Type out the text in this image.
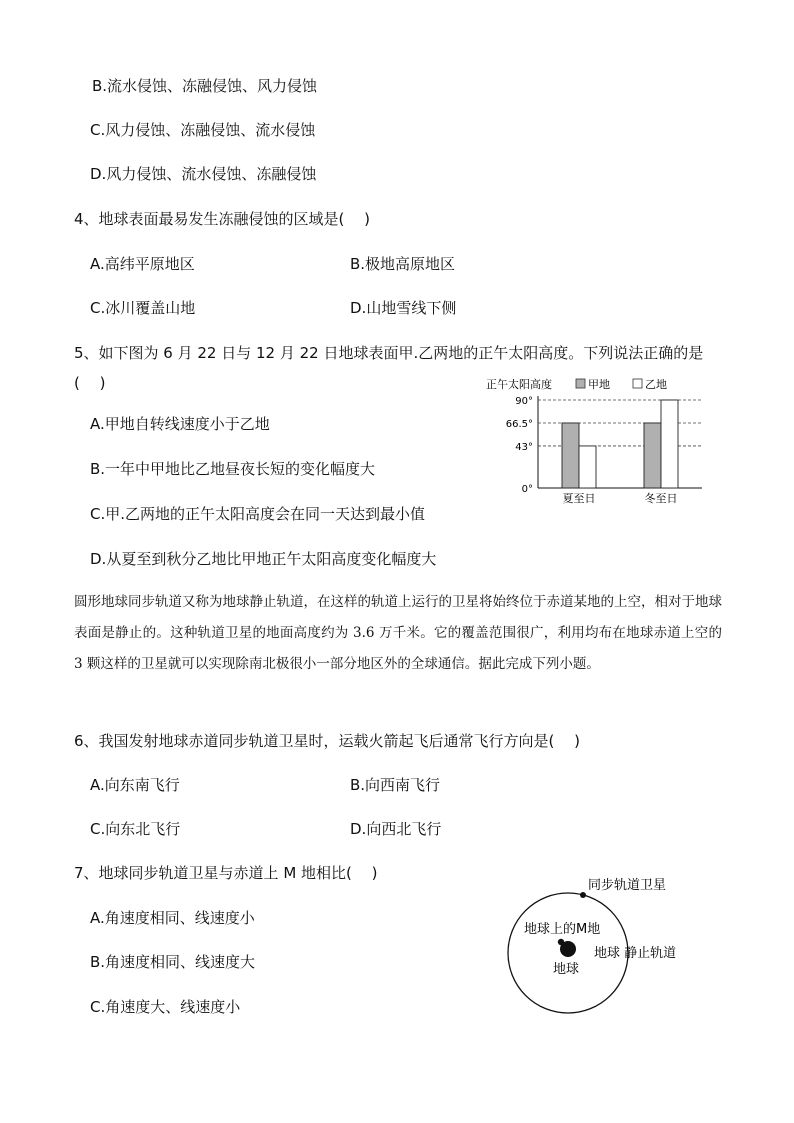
B.流水侵蚀、冻融侵蚀、风力侵蚀
C.风力侵蚀、冻融侵蚀、流水侵蚀
D.风力侵蚀、流水侵蚀、冻融侵蚀
4、地球表面最易发生冻融侵蚀的区域是(　 )
A.高纬平原地区	B.极地高原地区
C.冰川覆盖山地	D.山地雪线下侧
5、如下图为 6 月 22 日与 12 月 22 日地球表面甲.乙两地的正午太阳高度。下列说法正确的是
(　 )
A.甲地自转线速度小于乙地
B.一年中甲地比乙地昼夜长短的变化幅度大
C.甲.乙两地的正午太阳高度会在同一天达到最小值
D.从夏至到秋分乙地比甲地正午太阳高度变化幅度大
正午太阳高度	甲地	乙地
0°
43°
66.5°
90°
夏至日	冬至日
圆形地球同步轨道又称为地球静止轨道，在这样的轨道上运行的卫星将始终位于赤道某地的上空，相对于地球表面是静止的。这种轨道卫星的地面高度约为 3.6 万千米。它的覆盖范围很广，利用均布在地球赤道上空的 3 颗这样的卫星就可以实现除南北极很小一部分地区外的全球通信。据此完成下列小题。
6、我国发射地球赤道同步轨道卫星时，运载火箭起飞后通常飞行方向是(　 )
A.向东南飞行	B.向西南飞行
C.向东北飞行	D.向西北飞行
7、地球同步轨道卫星与赤道上 M 地相比(　 )
A.角速度相同、线速度小
B.角速度相同、线速度大
C.角速度大、线速度小
同步轨道卫星
地球上的M地
地球
地球 静止轨道
